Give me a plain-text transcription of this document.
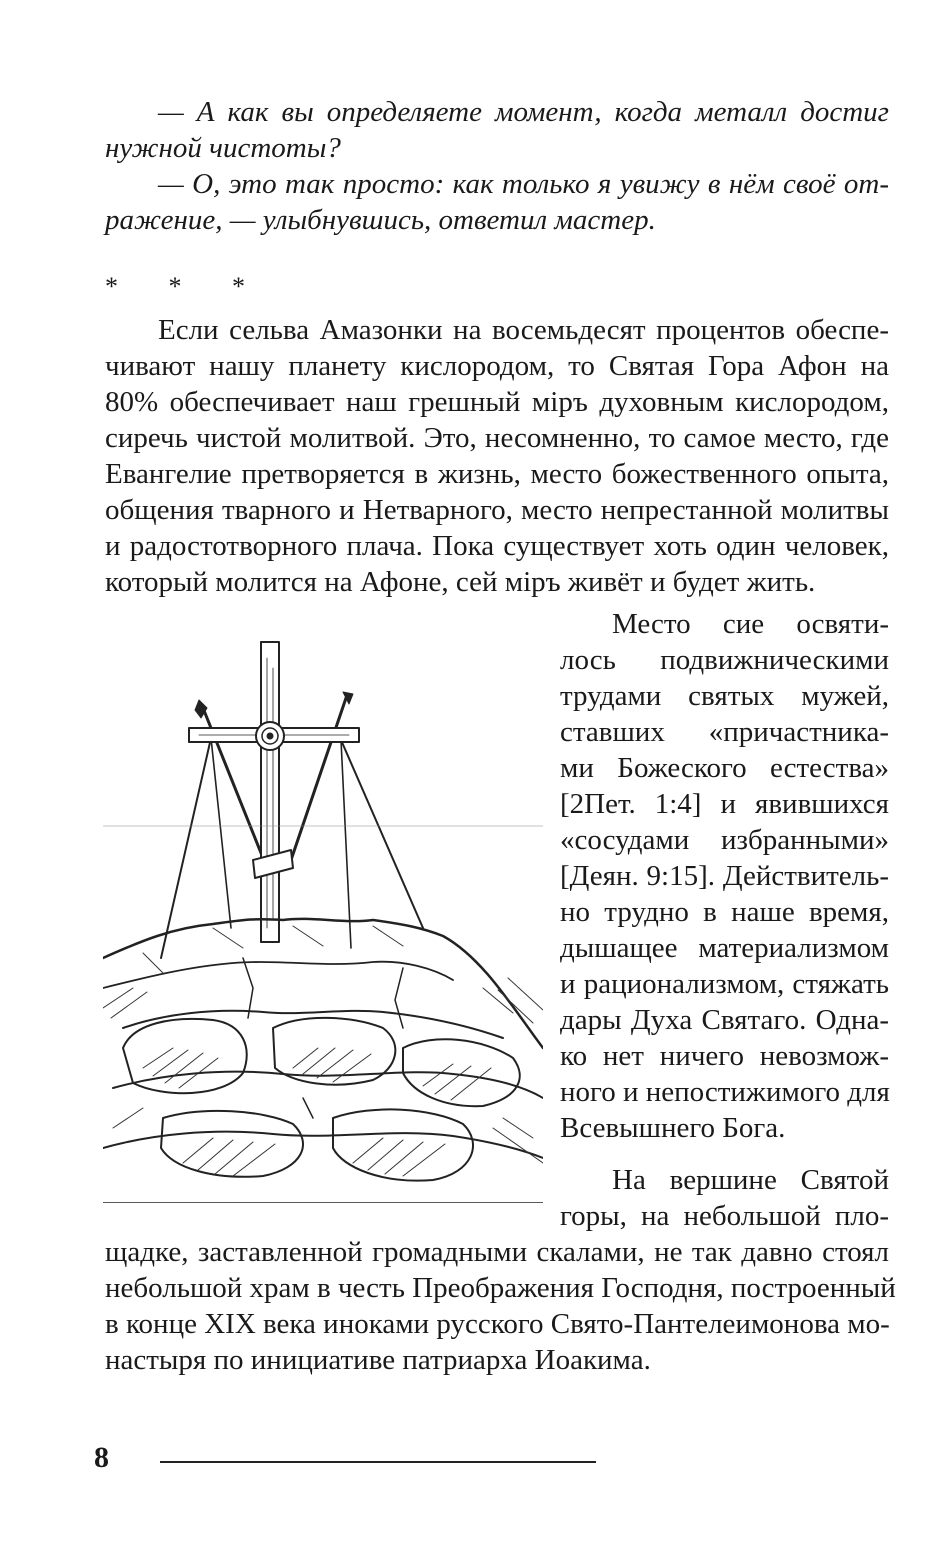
— А как вы определяете момент, когда металл достиг
нужной чистоты?
— О, это так просто: как только я увижу в нём своё от-
ражение, — улыбнувшись, ответил мастер.
* * *
Если сельва Амазонки на восемьдесят процентов обеспе-
чивают нашу планету кислородом, то Святая Гора Афон на
80% обеспечивает наш грешный міръ духовным кислородом,
сиречь чистой молитвой. Это, несомненно, то самое место, где
Евангелие претворяется в жизнь, место божественного опыта,
общения тварного и Нетварного, место непрестанной молитвы
и радостотворного плача. Пока существует хоть один человек,
который молится на Афоне, сей міръ живёт и будет жить.
Место сие освяти-
лось подвижническими
трудами святых мужей,
ставших «причастника-
ми Божеского естества»
[2Пет. 1:4] и явившихся
«сосудами избранными»
[Деян. 9:15]. Действитель-
но трудно в наше время,
дышащее материализмом
и рационализмом, стяжать
дары Духа Святаго. Одна-
ко нет ничего невозмож-
ного и непостижимого для
Всевышнего Бога.
На вершине Святой
горы, на небольшой пло-
щадке, заставленной громадными скалами, не так давно стоял
небольшой храм в честь Преображения Господня, построенный
в конце XIX века иноками русского Свято-Пантелеимонова мо-
настыря по инициативе патриарха Иоакима.
8
